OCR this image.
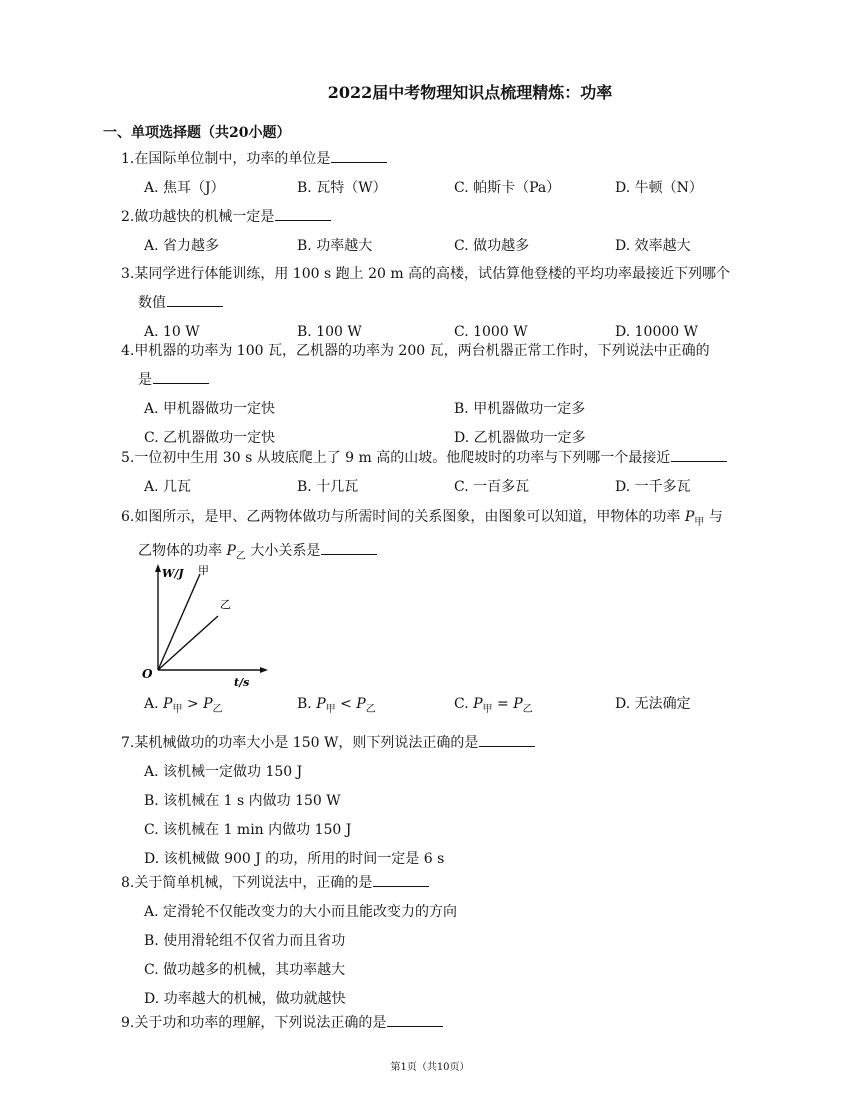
2022届中考物理知识点梳理精炼：功率
一、单项选择题（共20小题）
1.在国际单位制中，功率的单位是
A. 焦耳（J）	B. 瓦特（W）	C. 帕斯卡（Pa）	D. 牛顿（N）
2.做功越快的机械一定是
A. 省力越多	B. 功率越大	C. 做功越多	D. 效率越大
3.某同学进行体能训练，用 100 s 跑上 20 m 高的高楼，试估算他登楼的平均功率最接近下列哪个
数值
A. 10 W	B. 100 W	C. 1000 W	D. 10000 W
4.甲机器的功率为 100 瓦，乙机器的功率为 200 瓦，两台机器正常工作时，下列说法中正确的
是
A. 甲机器做功一定快	B. 甲机器做功一定多
C. 乙机器做功一定快	D. 乙机器做功一定多
5.一位初中生用 30 s 从坡底爬上了 9 m 高的山坡。他爬坡时的功率与下列哪一个最接近
A. 几瓦	B. 十几瓦	C. 一百多瓦	D. 一千多瓦
6.如图所示，是甲、乙两物体做功与所需时间的关系图象，由图象可以知道，甲物体的功率 $P_甲$ 与
乙物体的功率 $P_乙$ 大小关系是
W/J
t/s
O
甲
乙
A. $P_甲 > P_乙$	B. $P_甲 < P_乙$	C. $P_甲 = P_乙$	D. 无法确定
7.某机械做功的功率大小是 150 W，则下列说法正确的是
A. 该机械一定做功 150 J
B. 该机械在 1 s 内做功 150 W
C. 该机械在 1 min 内做功 150 J
D. 该机械做 900 J 的功，所用的时间一定是 6 s
8.关于简单机械，下列说法中，正确的是
A. 定滑轮不仅能改变力的大小而且能改变力的方向
B. 使用滑轮组不仅省力而且省功
C. 做功越多的机械，其功率越大
D. 功率越大的机械，做功就越快
9.关于功和功率的理解，下列说法正确的是
第1页（共10页）
